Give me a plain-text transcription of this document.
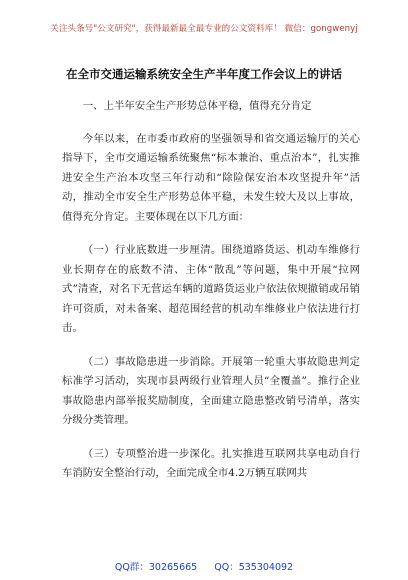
关注头条号"公文研究"，获得最新最全最专业的公文资料库！ 微信：gongwenyj
在全市交通运输系统安全生产半年度工作会议上的讲话

一、上半年安全生产形势总体平稳，值得充分肯定

今年以来，在市委市政府的坚强领导和省交通运输厅的关心指导下，全市交通运输系统聚焦“标本兼治、重点治本”，扎实推进安全生产治本攻坚三年行动和“除险保安治本攻坚提升年”活动，推动全市安全生产形势总体平稳，未发生较大及以上事故，值得充分肯定。主要体现在以下几方面：

（一）行业底数进一步厘清。围绕道路货运、机动车维修行业长期存在的底数不清、主体“散乱”等问题，集中开展“拉网式”清查，对名下无营运车辆的道路货运业户依法依规撤销或吊销许可资质，对未备案、超范围经营的机动车维修业户依法进行打击。

（二）事故隐患进一步消除。开展第一轮重大事故隐患判定标准学习活动，实现市县两级行业管理人员“全覆盖”。推行企业事故隐患内部举报奖励制度，全面建立隐患整改销号清单，落实分级分类管理。

（三）专项整治进一步深化。扎实推进互联网共享电动自行车消防安全整治行动，全面完成全市4.2万辆互联网共

QQ群：30265665 QQ：535304092
